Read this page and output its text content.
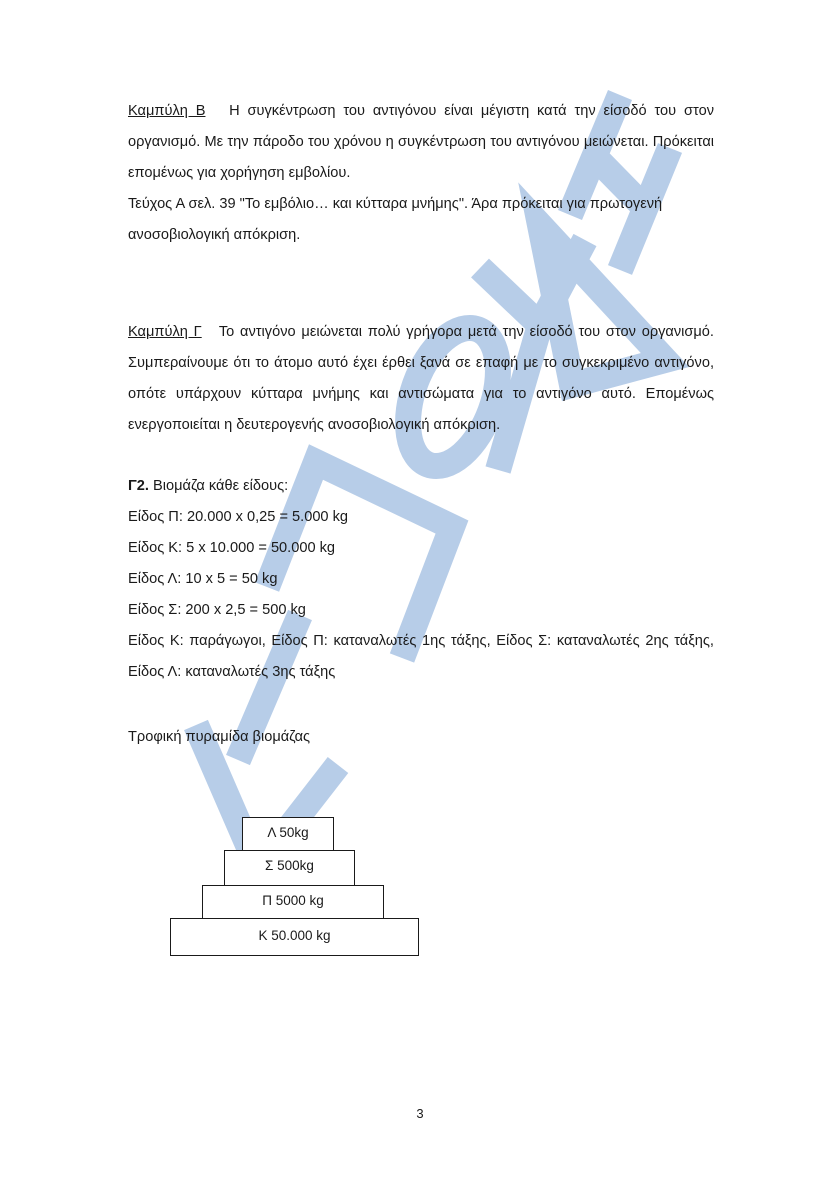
Καμπύλη Β Η συγκέντρωση του αντιγόνου είναι μέγιστη κατά την είσοδό του στον οργανισμό. Με την πάροδο του χρόνου η συγκέντρωση του αντιγόνου μειώνεται. Πρόκειται επομένως για χορήγηση εμβολίου.

Τεύχος Α σελ. 39 "Το εμβόλιο… και κύτταρα μνήμης". Άρα πρόκειται για πρωτογενή ανοσοβιολογική απόκριση.

Καμπύλη Γ Το αντιγόνο μειώνεται πολύ γρήγορα μετά την είσοδό του στον οργανισμό. Συμπεραίνουμε ότι το άτομο αυτό έχει έρθει ξανά σε επαφή με το συγκεκριμένο αντιγόνο, οπότε υπάρχουν κύτταρα μνήμης και αντισώματα για το αντιγόνο αυτό. Επομένως ενεργοποιείται η δευτερογενής ανοσοβιολογική απόκριση.

Γ2. Βιομάζα κάθε είδους:

Είδος Π: 20.000 x 0,25 = 5.000 kg

Είδος Κ: 5 x 10.000 = 50.000 kg

Είδος Λ: 10 x 5 = 50 kg

Είδος Σ: 200 x 2,5 = 500 kg

Είδος Κ: παράγωγοι, Είδος Π: καταναλωτές 1ης τάξης, Είδος Σ: καταναλωτές 2ης τάξης, Είδος Λ: καταναλωτές 3ης τάξης

Τροφική πυραμίδα βιομάζας

Λ 50kg
Σ 500kg
Π 5000 kg
Κ 50.000 kg
3
